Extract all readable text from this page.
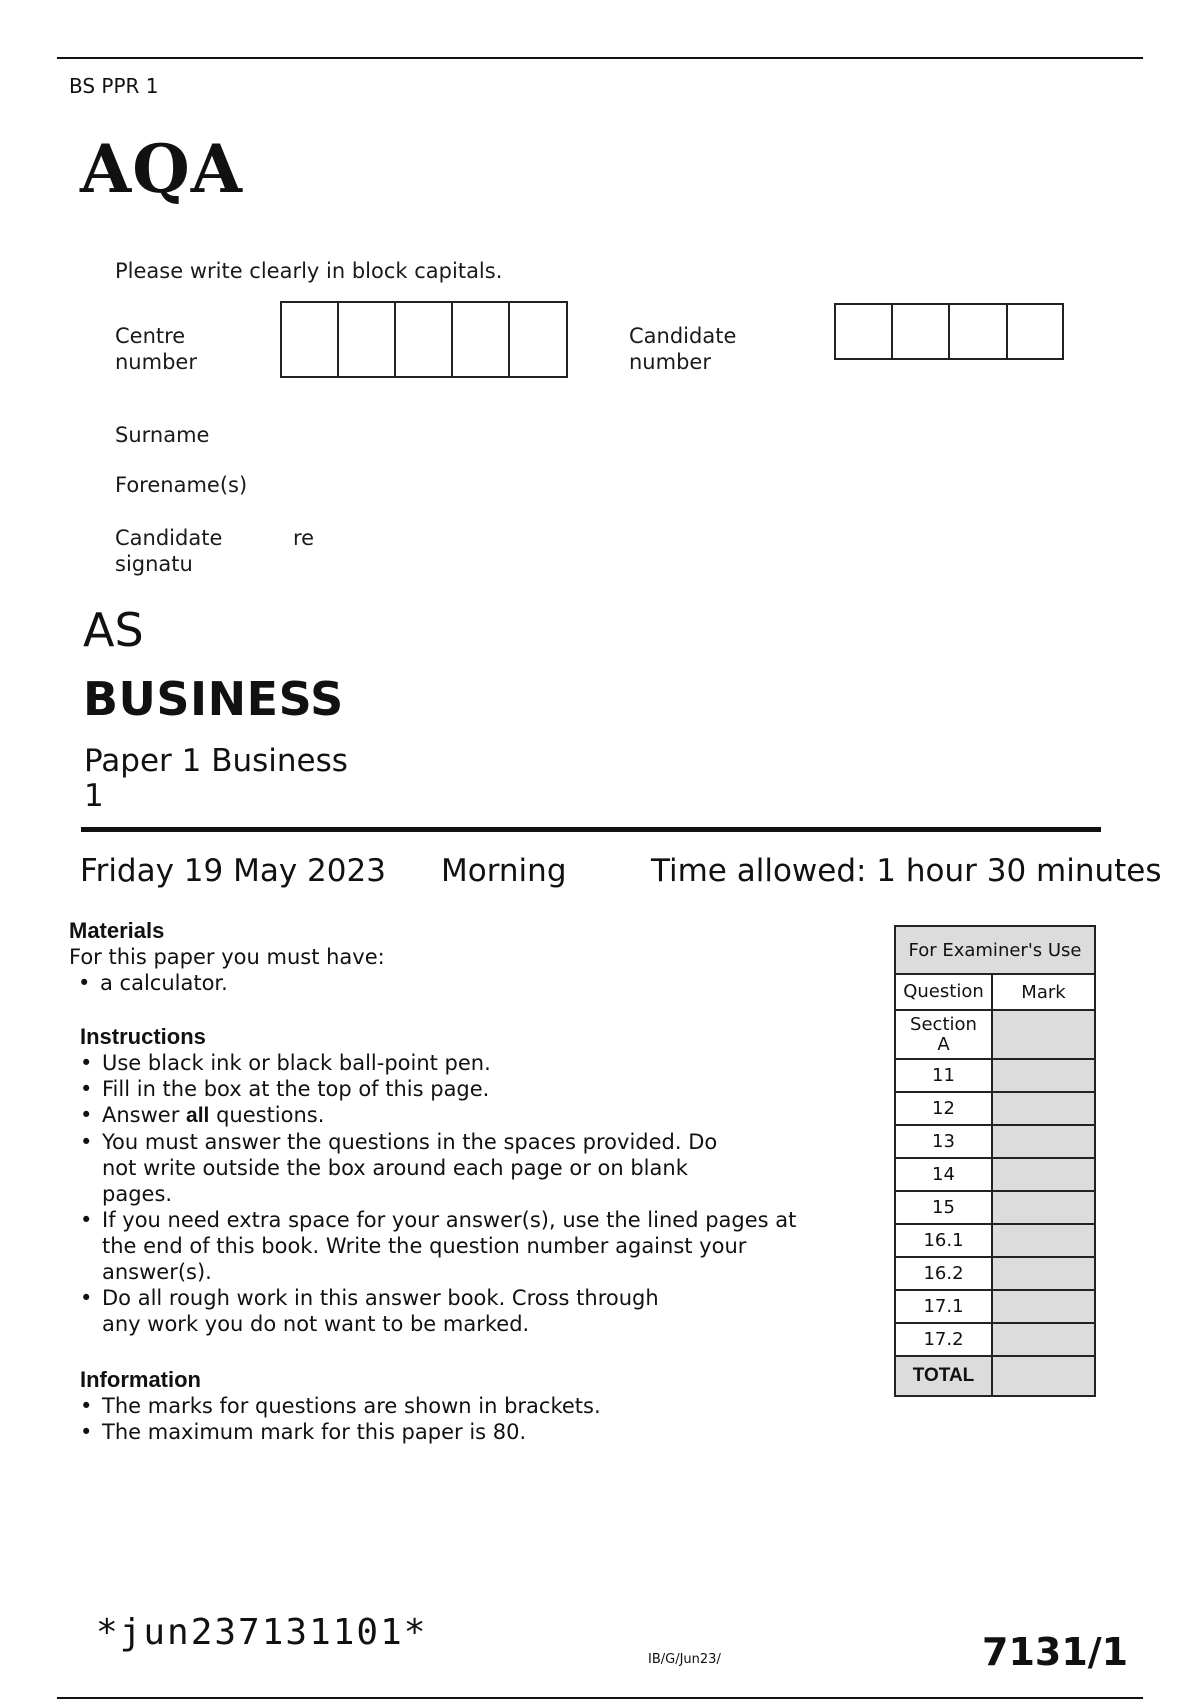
BS PPR 1
AQA
Please write clearly in block capitals.
Centre
number
Candidate
number
Surname
Forename(s)
Candidate
signatu
re
AS
BUSINESS
Paper 1 Business
1
Friday 19 May 2023 Morning	Time allowed: 1 hour 30 minutes
Materials
For this paper you must have:
• a calculator.
Instructions
• Use black ink or black ball-point pen.
• Fill in the box at the top of this page.
• Answer all questions.
• You must answer the questions in the spaces provided. Do
not write outside the box around each page or on blank
pages.
• If you need extra space for your answer(s), use the lined pages at
the end of this book. Write the question number against your
answer(s).
• Do all rough work in this answer book. Cross through
any work you do not want to be marked.
Information
• The marks for questions are shown in brackets.
• The maximum mark for this paper is 80.
For Examiner's Use
Question	Mark
Section
A
11
12
13
14
15
16.1
16.2
17.1
17.2
TOTAL
*jun237131101*
IB/G/Jun23/	7131/1
